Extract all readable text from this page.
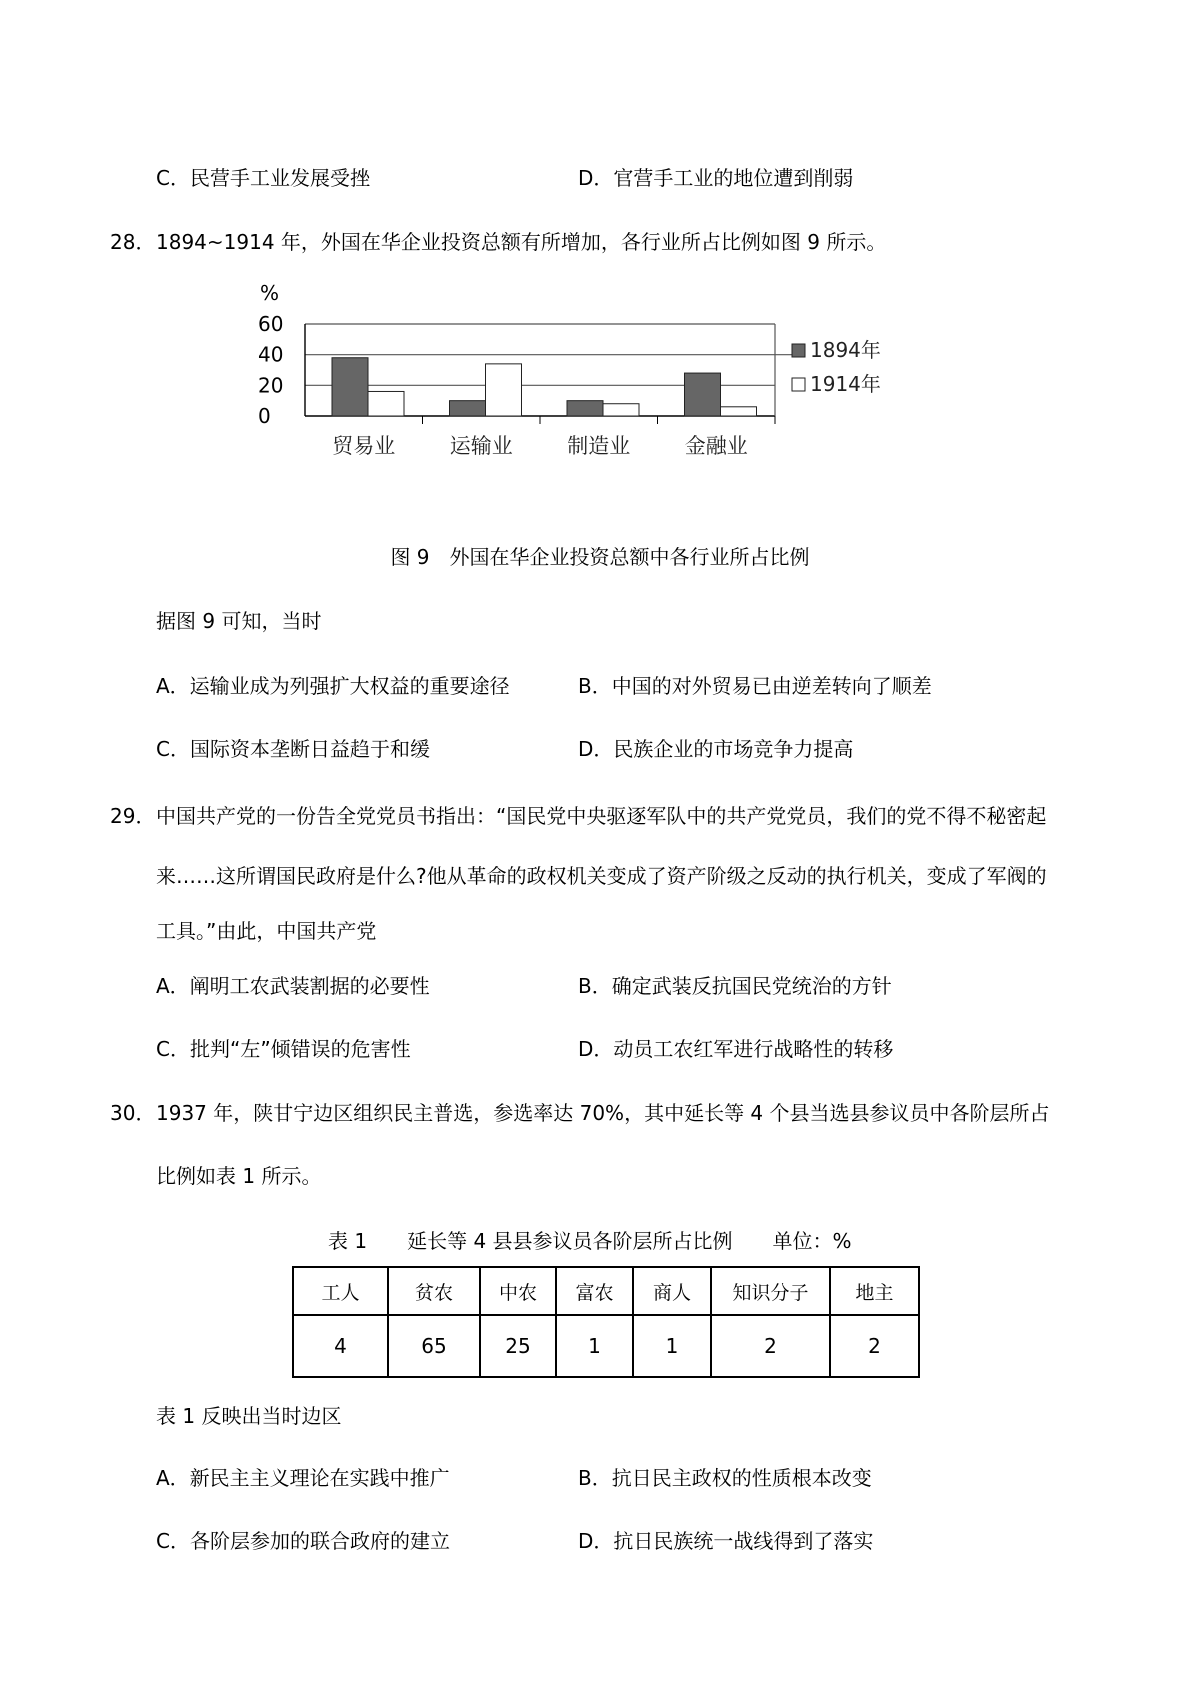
C．民营手工业发展受挫	D．官营手工业的地位遭到削弱
28． 1894~1914 年，外国在华企业投资总额有所增加，各行业所占比例如图 9 所示。
%
60
40
20
0
贸易业	运输业	制造业	金融业
1894年
1914年
图 9　外国在华企业投资总额中各行业所占比例
据图 9 可知，当时
A．运输业成为列强扩大权益的重要途径	B．中国的对外贸易已由逆差转向了顺差
C．国际资本垄断日益趋于和缓	D．民族企业的市场竞争力提高
29． 中国共产党的一份告全党党员书指出：“国民党中央驱逐军队中的共产党党员，我们的党不得不秘密起
来……这所谓国民政府是什么?他从革命的政权机关变成了资产阶级之反动的执行机关，变成了军阀的
工具。”由此，中国共产党
A．阐明工农武装割据的必要性	B．确定武装反抗国民党统治的方针
C．批判“左”倾错误的危害性	D．动员工农红军进行战略性的转移
30． 1937 年，陕甘宁边区组织民主普选，参选率达 70%，其中延长等 4 个县当选县参议员中各阶层所占
比例如表 1 所示。
表 1　　延长等 4 县县参议员各阶层所占比例　　单位：%
工人	贫农	中农	富农	商人	知识分子	地主
4	65	25	1	1	2	2
表 1 反映出当时边区
A．新民主主义理论在实践中推广	B．抗日民主政权的性质根本改变
C．各阶层参加的联合政府的建立	D．抗日民族统一战线得到了落实
